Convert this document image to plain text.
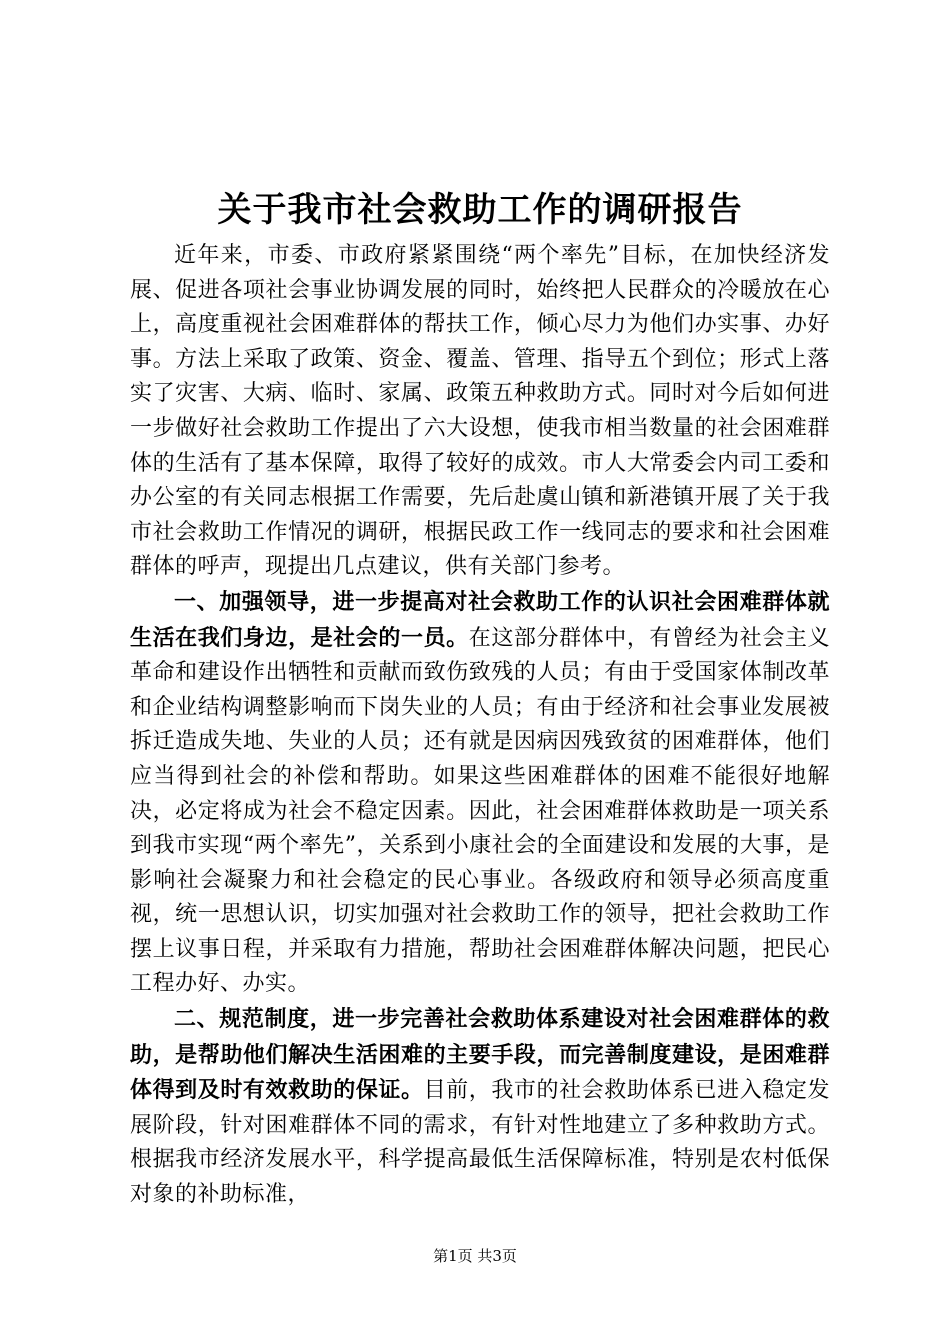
关于我市社会救助工作的调研报告

近年来，市委、市政府紧紧围绕“两个率先”目标，在加快经济发展、促进各项社会事业协调发展的同时，始终把人民群众的冷暖放在心上，高度重视社会困难群体的帮扶工作，倾心尽力为他们办实事、办好事。方法上采取了政策、资金、覆盖、管理、指导五个到位；形式上落实了灾害、大病、临时、家属、政策五种救助方式。同时对今后如何进一步做好社会救助工作提出了六大设想，使我市相当数量的社会困难群体的生活有了基本保障，取得了较好的成效。市人大常委会内司工委和办公室的有关同志根据工作需要，先后赴虞山镇和新港镇开展了关于我市社会救助工作情况的调研，根据民政工作一线同志的要求和社会困难群体的呼声，现提出几点建议，供有关部门参考。

一、加强领导，进一步提高对社会救助工作的认识社会困难群体就生活在我们身边，是社会的一员。在这部分群体中，有曾经为社会主义革命和建设作出牺牲和贡献而致伤致残的人员；有由于受国家体制改革和企业结构调整影响而下岗失业的人员；有由于经济和社会事业发展被拆迁造成失地、失业的人员；还有就是因病因残致贫的困难群体，他们应当得到社会的补偿和帮助。如果这些困难群体的困难不能很好地解决，必定将成为社会不稳定因素。因此，社会困难群体救助是一项关系到我市实现“两个率先”，关系到小康社会的全面建设和发展的大事，是影响社会凝聚力和社会稳定的民心事业。各级政府和领导必须高度重视，统一思想认识，切实加强对社会救助工作的领导，把社会救助工作摆上议事日程，并采取有力措施，帮助社会困难群体解决问题，把民心工程办好、办实。

二、规范制度，进一步完善社会救助体系建设对社会困难群体的救助，是帮助他们解决生活困难的主要手段，而完善制度建设，是困难群体得到及时有效救助的保证。目前，我市的社会救助体系已进入稳定发展阶段，针对困难群体不同的需求，有针对性地建立了多种救助方式。根据我市经济发展水平，科学提高最低生活保障标准，特别是农村低保对象的补助标准，

第1页 共3页
